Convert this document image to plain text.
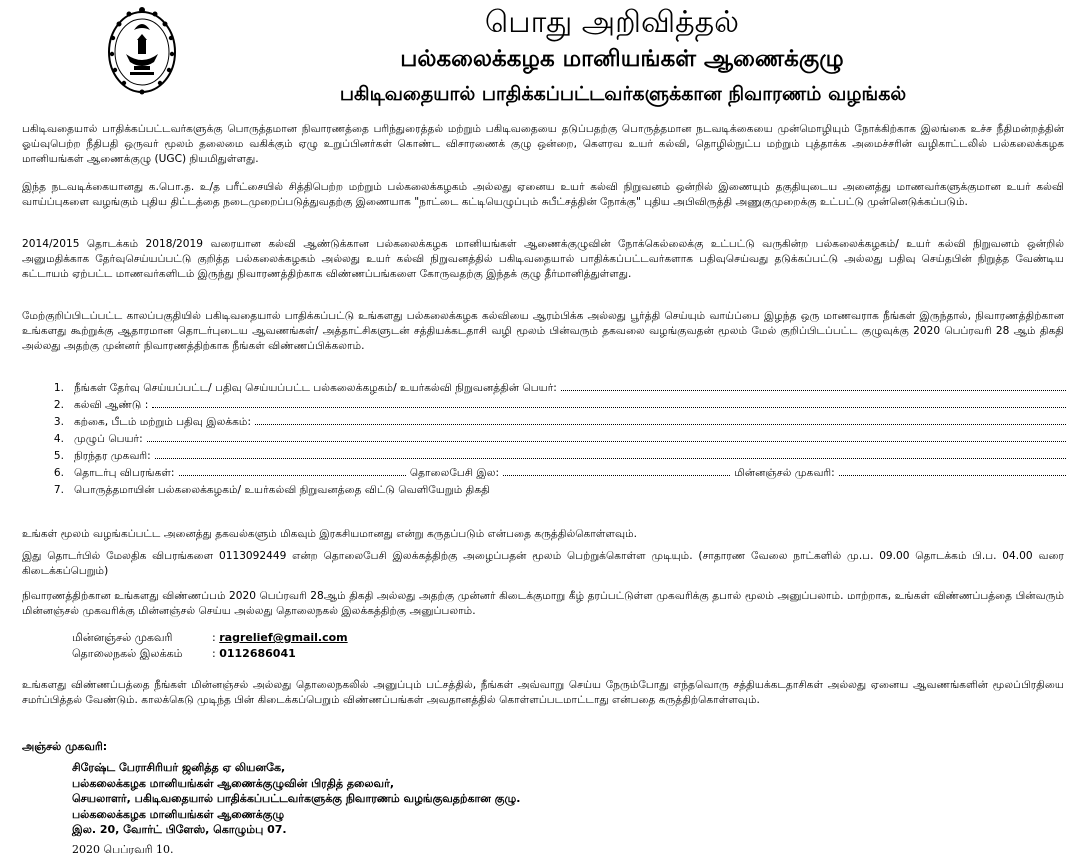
பொது அறிவித்தல்
பல்கலைக்கழக மானியங்கள் ஆணைக்குழு
பகிடிவதையால் பாதிக்கப்பட்டவர்களுக்கான நிவாரணம் வழங்கல்
பகிடிவதையால் பாதிக்கப்பட்டவர்களுக்கு பொருத்தமான நிவாரணத்தை பரிந்துரைத்தல் மற்றும் பகிடிவதையை தடுப்பதற்கு பொருத்தமான நடவடிக்கையை முன்மொழியும் நோக்கிற்காக இலங்கை உச்ச நீதிமன்றத்தின் ஓய்வுபெற்ற நீதிபதி ஒருவர் மூலம் தலைமை வகிக்கும் ஏழு உறுப்பினர்கள் கொண்ட விசாரணைக் குழு ஒன்றை, கௌரவ உயர் கல்வி, தொழில்நுட்ப மற்றும் புத்தாக்க அமைச்சரின் வழிகாட்டலில் பல்கலைக்கழக மானியங்கள் ஆணைக்குழு (UGC) நியமிதுள்ளது.
இந்த நடவடிக்கையானது க.பொ.த. உ/த பரீட்சையில் சித்திபெற்ற மற்றும் பல்கலைக்கழகம் அல்லது ஏனைய உயர் கல்வி நிறுவனம் ஒன்றில் இணையும் தகுதியுடைய அனைத்து மாணவர்களுக்குமான உயர் கல்வி வாய்ப்புகளை வழங்கும் புதிய திட்டத்தை நடைமுறைப்படுத்துவதற்கு இணையாக "நாட்டை கட்டியெழுப்பும் சுபீட்சத்தின் நோக்கு" புதிய அபிவிருத்தி அணுகுமுறைக்கு உட்பட்டு முன்னெடுக்கப்படும்.
2014/2015 தொடக்கம் 2018/2019 வரையான கல்வி ஆண்டுக்கான பல்கலைக்கழக மானியங்கள் ஆணைக்குழுவின் நோக்கெல்லைக்கு உட்பட்டு வருகின்ற பல்கலைக்கழகம்/ உயர் கல்வி நிறுவனம் ஒன்றில் அனுமதிக்காக தேர்வுசெய்யப்பட்டு குறித்த பல்கலைக்கழகம் அல்லது உயர் கல்வி நிறுவனத்தில் பகிடிவதையால் பாதிக்கப்பட்டவர்களாக பதிவுசெய்வது தடுக்கப்பட்டு அல்லது பதிவு செய்தபின் நிறுத்த வேண்டிய கட்டாயம் ஏற்பட்ட மாணவர்களிடம் இருந்து நிவாரணத்திற்காக விண்ணப்பங்களை கோருவதற்கு இந்தக் குழு தீர்மானித்துள்ளது.
மேற்குறிப்பிடப்பட்ட காலப்பகுதியில் பகிடிவதையால் பாதிக்கப்பட்டு உங்களது பல்கலைக்கழக கல்வியை ஆரம்பிக்க அல்லது பூர்த்தி செய்யும் வாய்ப்பை இழந்த ஒரு மாணவராக நீங்கள் இருந்தால், நிவாரணத்திற்கான உங்களது கூற்றுக்கு ஆதாரமான தொடர்புடைய ஆவணங்கள்/ அத்தாட்சிகளுடன் சத்தியக்கடதாசி வழி மூலம் பின்வரும் தகவலை வழங்குவதன் மூலம் மேல் குறிப்பிடப்பட்ட குழுவுக்கு 2020 பெப்ரவரி 28 ஆம் திகதி அல்லது அதற்கு முன்னர் நிவாரணத்திற்காக நீங்கள் விண்ணப்பிக்கலாம்.
1. நீங்கள் தேர்வு செய்யப்பட்ட/ பதிவு செய்யப்பட்ட பல்கலைக்கழகம்/ உயர்கல்வி நிறுவனத்தின் பெயர்:
2. கல்வி ஆண்டு :
3. கற்கை, பீடம் மற்றும் பதிவு இலக்கம்:
4. முழுப் பெயர்:
5. நிரந்தர முகவரி:
6. தொடர்பு விபரங்கள்:	தொலைபேசி இல:	மின்னஞ்சல் முகவரி:
7. பொருத்தமாயின் பல்கலைக்கழகம்/ உயர்கல்வி நிறுவனத்தை விட்டு வெளியேறும் திகதி
உங்கள் மூலம் வழங்கப்பட்ட அனைத்து தகவல்களும் மிகவும் இரகசியமானது என்று கருதப்படும் என்பதை கருத்தில்கொள்ளவும்.
இது தொடர்பில் மேலதிக விபரங்களை 0113092449 என்ற தொலைபேசி இலக்கத்திற்கு அழைப்பதன் மூலம் பெற்றுக்கொள்ள முடியும். (சாதாரண வேலை நாட்களில் மு.ப. 09.00 தொடக்கம் பி.ப. 04.00 வரை கிடைக்கப்பெறும்)
நிவாரணத்திற்கான உங்களது விண்ணப்பம் 2020 பெப்ரவரி 28ஆம் திகதி அல்லது அதற்கு முன்னர் கிடைக்குமாறு கீழ் தரப்பட்டுள்ள முகவரிக்கு தபால் மூலம் அனுப்பலாம். மாற்றாக, உங்கள் விண்ணப்பத்தை பின்வரும் மின்னஞ்சல் முகவரிக்கு மின்னஞ்சல் செய்ய அல்லது தொலைநகல் இலக்கத்திற்கு அனுப்பலாம்.
மின்னஞ்சல் முகவரி	:
ragrelief@gmail.com
தொலைநகல் இலக்கம்	:
0112686041
உங்களது விண்ணப்பத்தை நீங்கள் மின்னஞ்சல் அல்லது தொலைநகலில் அனுப்பும் பட்சத்தில், நீங்கள் அவ்வாறு செய்ய நேரும்போது எந்தவொரு சத்தியக்கடதாசிகள் அல்லது ஏனைய ஆவணங்களின் மூலப்பிரதியை சமர்ப்பித்தல் வேண்டும். காலக்கெடு முடிந்த பின் கிடைக்கப்பெறும் விண்ணப்பங்கள் அவதானத்தில் கொள்ளப்படமாட்டாது என்பதை கருத்திற்கொள்ளவும்.
அஞ்சல் முகவரி:
சிரேஷ்ட பேராசிரியர் ஜனித்த ஏ லியனகே,
பல்கலைக்கழக மானியங்கள் ஆணைக்குழுவின் பிரதித் தலைவர்,
செயலாளர், பகிடிவதையால் பாதிக்கப்பட்டவர்களுக்கு நிவாரணம் வழங்குவதற்கான குழு.
பல்கலைக்கழக மானியங்கள் ஆணைக்குழு
இல. 20, வோர்ட் பிளேஸ், கொழும்பு 07.
2020 பெப்ரவரி 10.
